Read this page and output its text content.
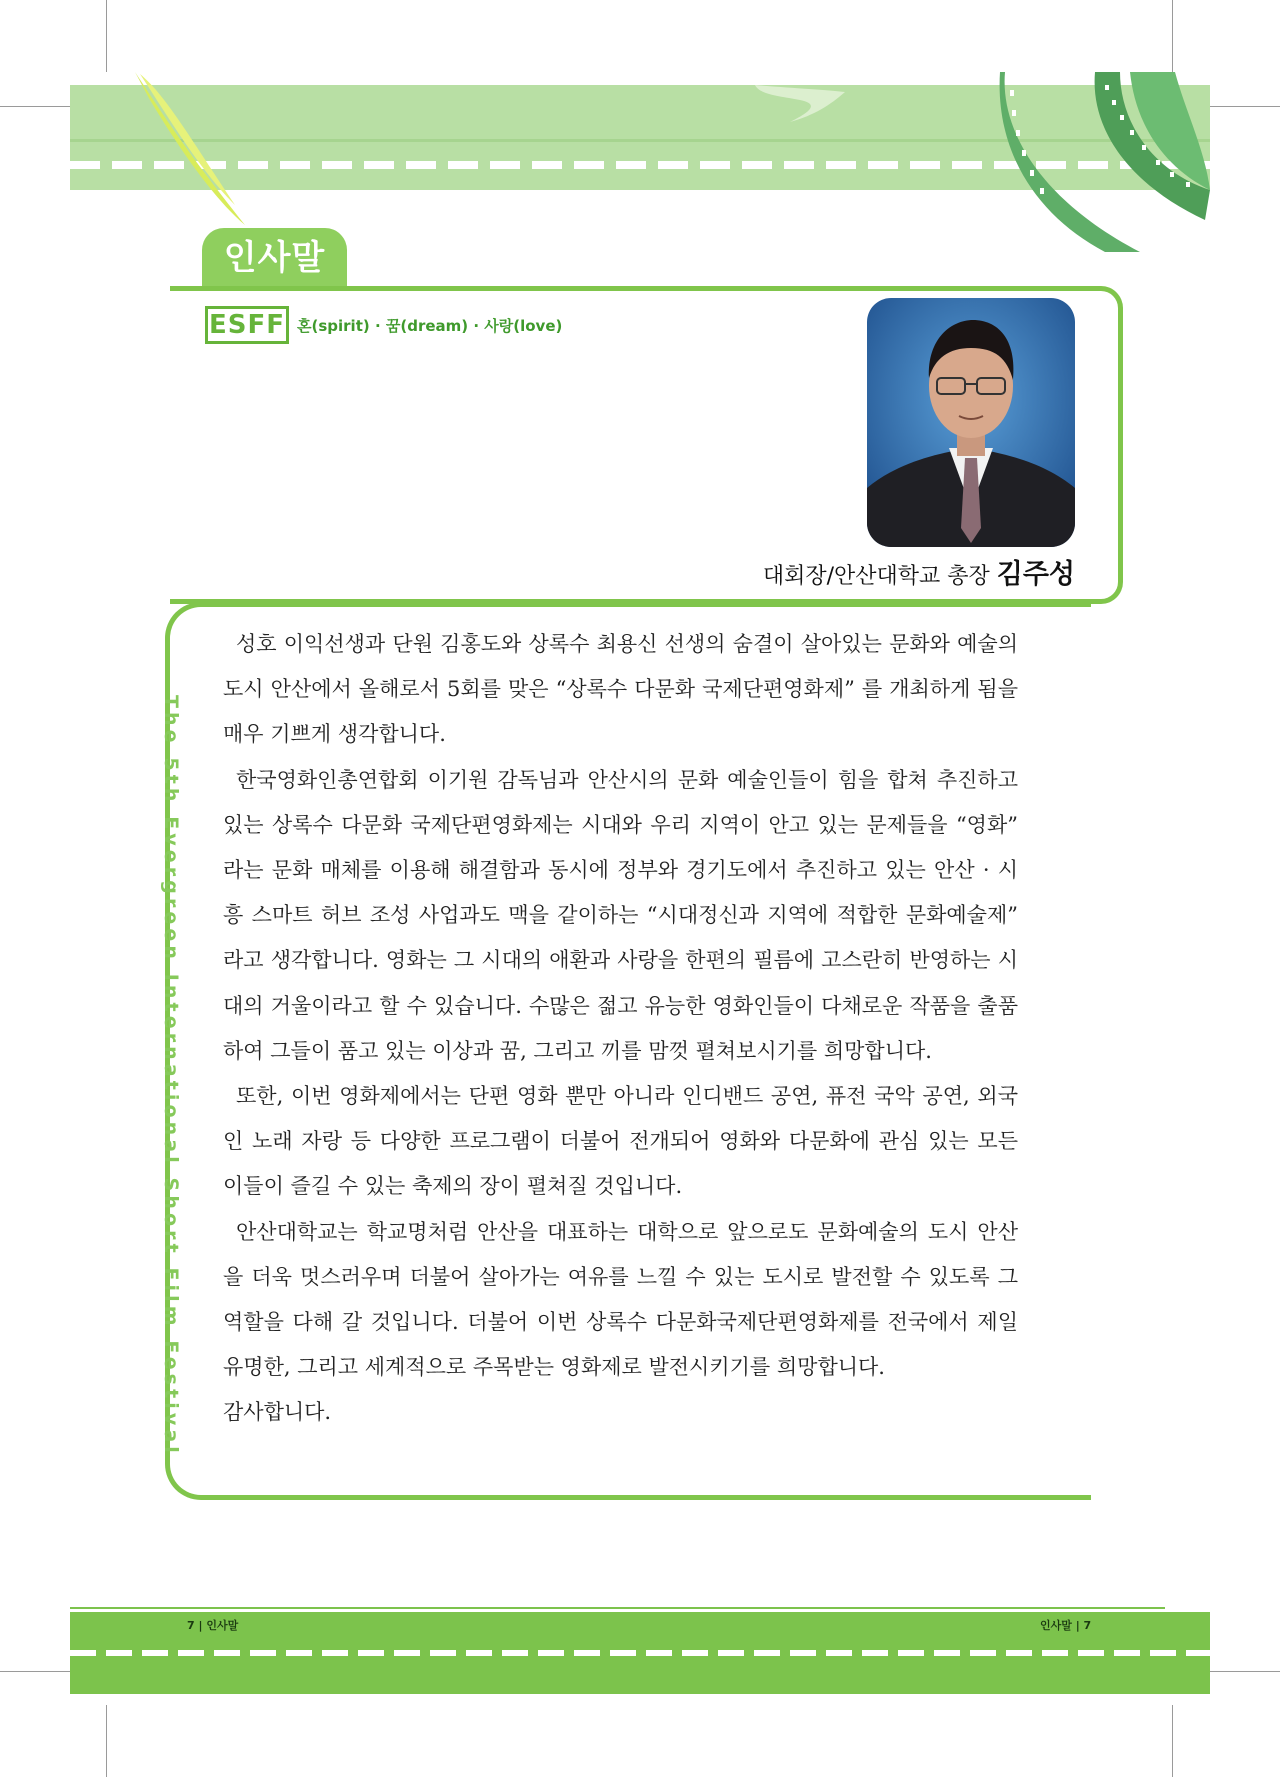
인사말
ESFF 혼(spirit) · 꿈(dream) · 사랑(love)
대회장/안산대학교 총장 김주성
The 5th Evergreen International Short Film Festival

성호 이익선생과 단원 김홍도와 상록수 최용신 선생의 숨결이 살아있는 문화와 예술의 도시 안산에서 올해로서 5회를 맞은 “상록수 다문화 국제단편영화제” 를 개최하게 됨을 매우 기쁘게 생각합니다.

한국영화인총연합회 이기원 감독님과 안산시의 문화 예술인들이 힘을 합쳐 추진하고 있는 상록수 다문화 국제단편영화제는 시대와 우리 지역이 안고 있는 문제들을 “영화” 라는 문화 매체를 이용해 해결함과 동시에 정부와 경기도에서 추진하고 있는 안산 · 시흥 스마트 허브 조성 사업과도 맥을 같이하는 “시대정신과 지역에 적합한 문화예술제” 라고 생각합니다. 영화는 그 시대의 애환과 사랑을 한편의 필름에 고스란히 반영하는 시대의 거울이라고 할 수 있습니다. 수많은 젊고 유능한 영화인들이 다채로운 작품을 출품하여 그들이 품고 있는 이상과 꿈, 그리고 끼를 맘껏 펼쳐보시기를 희망합니다.

또한, 이번 영화제에서는 단편 영화 뿐만 아니라 인디밴드 공연, 퓨전 국악 공연, 외국인 노래 자랑 등 다양한 프로그램이 더불어 전개되어 영화와 다문화에 관심 있는 모든 이들이 즐길 수 있는 축제의 장이 펼쳐질 것입니다.

안산대학교는 학교명처럼 안산을 대표하는 대학으로 앞으로도 문화예술의 도시 안산을 더욱 멋스러우며 더불어 살아가는 여유를 느낄 수 있는 도시로 발전할 수 있도록 그 역할을 다해 갈 것입니다. 더불어 이번 상록수 다문화국제단편영화제를 전국에서 제일 유명한, 그리고 세계적으로 주목받는 영화제로 발전시키기를 희망합니다.

감사합니다.

7 | 인사말	인사말 | 7
